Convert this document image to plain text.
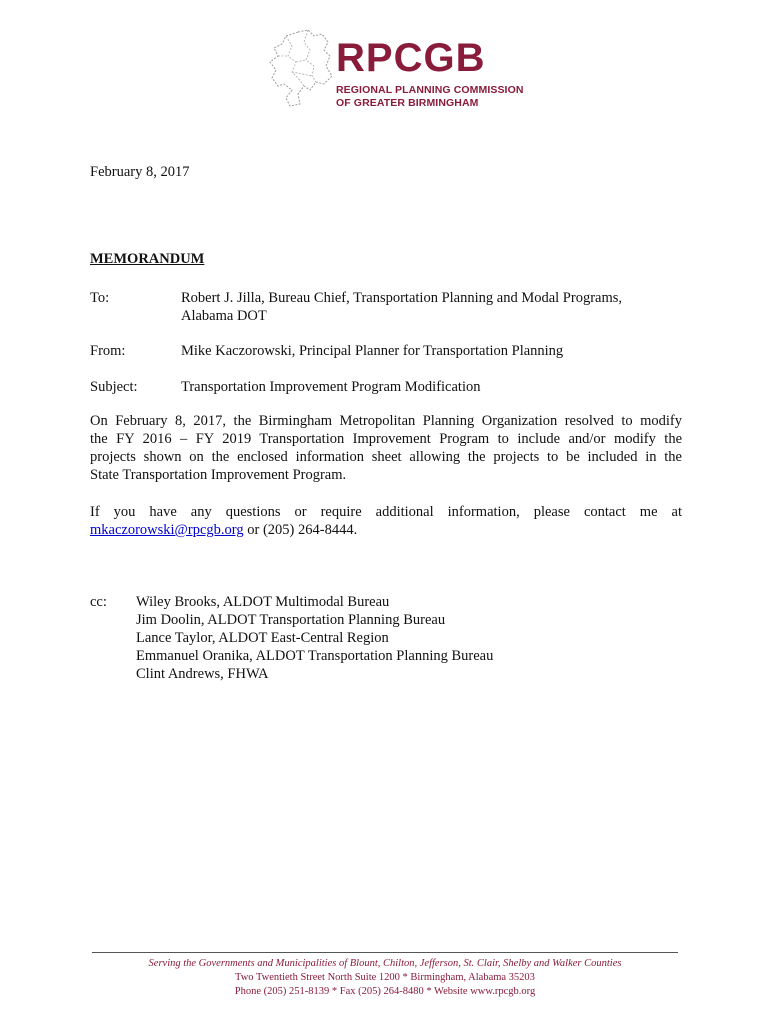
RPCGB
REGIONAL PLANNING COMMISSION
OF GREATER BIRMINGHAM
February 8, 2017
MEMORANDUM
To:	Robert J. Jilla, Bureau Chief, Transportation Planning and Modal Programs,
Alabama DOT
From:	Mike Kaczorowski, Principal Planner for Transportation Planning
Subject:	Transportation Improvement Program Modification
On February 8, 2017, the Birmingham Metropolitan Planning Organization resolved to modify
the FY 2016 – FY 2019 Transportation Improvement Program to include and/or modify the
projects shown on the enclosed information sheet allowing the projects to be included in the
State Transportation Improvement Program.
If you have any questions or require additional information, please contact me at
mkaczorowski@rpcgb.org or (205) 264-8444.
cc: Wiley Brooks, ALDOT Multimodal Bureau
Jim Doolin, ALDOT Transportation Planning Bureau
Lance Taylor, ALDOT East-Central Region
Emmanuel Oranika, ALDOT Transportation Planning Bureau
Clint Andrews, FHWA
Serving the Governments and Municipalities of Blount, Chilton, Jefferson, St. Clair, Shelby and Walker Counties
Two Twentieth Street North Suite 1200 * Birmingham, Alabama 35203
Phone (205) 251-8139 * Fax (205) 264-8480 * Website www.rpcgb.org
